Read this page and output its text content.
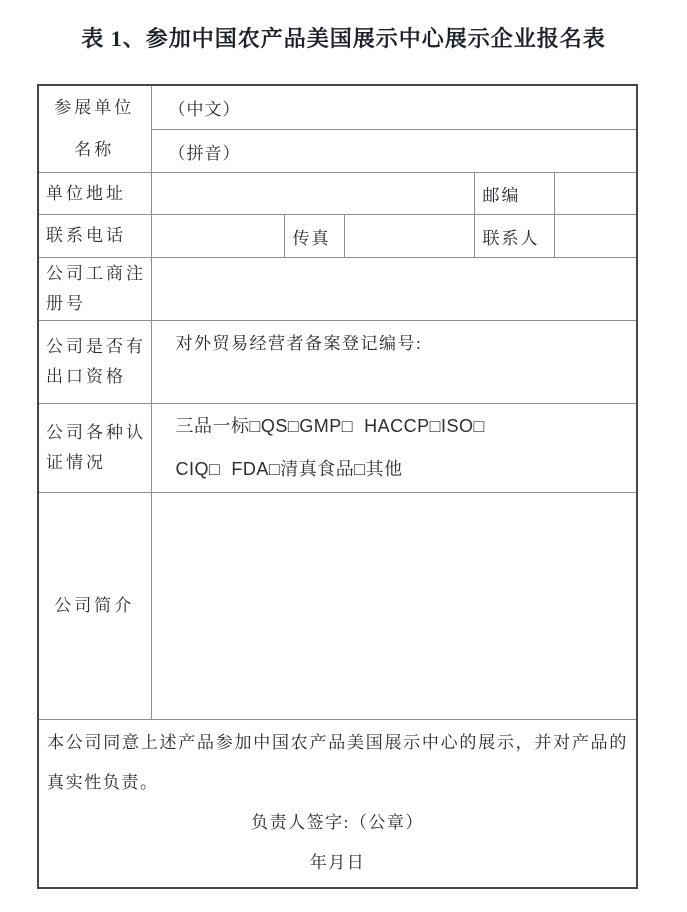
表 1、参加中国农产品美国展示中心展示企业报名表
参展单位
名称	（中文）				
	（拼音）				
单位地址				邮编	
联系电话		传真		联系人	
公司工商注册号					
公司是否有出口资格	对外贸易经营者备案登记编号:				
公司各种认证情况	三品一标□QS□GMP□  HACCP□ISO□
CIQ□  FDA□清真食品□其他				

公司简介					

本公司同意上述产品参加中国农产品美国展示中心的展示，并对产品的真实性负责。
负责人签字:（公章）
年月日					
